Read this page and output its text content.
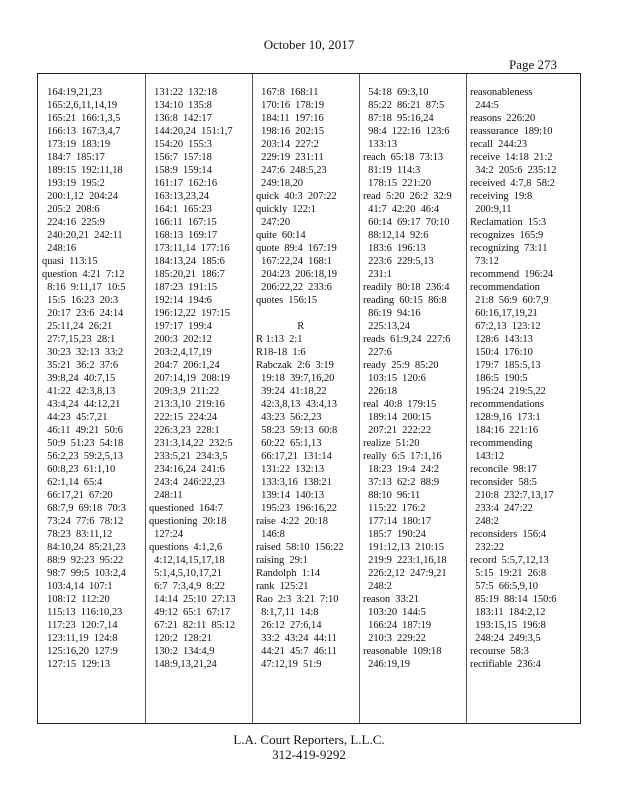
October 10, 2017
Page 273
164:19,21,23
165:2,6,11,14,19
165:21  166:1,3,5
166:13  167:3,4,7
173:19  183:19
184:7  185:17
189:15  192:11,18
193:19  195:2
200:1,12  204:24
205:2  208:6
224:16  225:9
240:20,21  242:11
248:16
quasi  113:15
question  4:21  7:12
8:16  9:11,17  10:5
15:5  16:23  20:3
20:17  23:6  24:14
25:11,24  26:21
27:7,15,23  28:1
30:23  32:13  33:2
35:21  36:2  37:6
39:8,24  40:7,15
41:22  42:3,8,13
43:4,24  44:12,21
44:23  45:7,21
46:11  49:21  50:6
50:9  51:23  54:18
56:2,23  59:2,5,13
60:8,23  61:1,10
62:1,14  65:4
66:17,21  67:20
68:7,9  69:18  70:3
73:24  77:6  78:12
78:23  83:11,12
84:10,24  85:21,23
88:9  92:23  95:22
98:7  99:5  103:2,4
103:4,14  107:1
108:12  112:20
115:13  116:10,23
117:23  120:7,14
123:11,19  124:8
125:16,20  127:9
127:15  129:13
131:22  132:18
134:10  135:8
136:8  142:17
144:20,24  151:1,7
154:20  155:3
156:7  157:18
158:9  159:14
161:17  162:16
163:13,23,24
164:1  165:23
166:11  167:15
168:13  169:17
173:11,14  177:16
184:13,24  185:6
185:20,21  186:7
187:23  191:15
192:14  194:6
196:12,22  197:15
197:17  199:4
200:3  202:12
203:2,4,17,19
204:7  206:1,24
207:14,19  208:19
209:3,9  211:22
213:3,10  219:16
222:15  224:24
226:3,23  228:1
231:3,14,22  232:5
233:5,21  234:3,5
234:16,24  241:6
243:4  246:22,23
248:11
questioned  164:7
questioning  20:18
127:24
questions  4:1,2,6
4:12,14,15,17,18
5:1,4,5,10,17,21
6:7  7:3,4,9  8:22
14:14  25:10  27:13
49:12  65:1  67:17
67:21  82:11  85:12
120:2  128:21
130:2  134:4,9
148:9,13,21,24
167:8  168:11
170:16  178:19
184:11  197:16
198:16  202:15
203:14  227:2
229:19  231:11
247:6  248:5,23
249:18,20
quick  40:3  207:22
quickly  122:1
247:20
quite  60:14
quote  89:4  167:19
167:22,24  168:1
204:23  206:18,19
206:22,22  233:6
quotes  156:15
R
R 1:13  2:1
R18-18  1:6
Rabczak  2:6  3:19
19:18  39:7,16,20
39:24  41:18,22
42:3,8,13  43:4,13
43:23  56:2,23
58:23  59:13  60:8
60:22  65:1,13
66:17,21  131:14
131:22  132:13
133:3,16  138:21
139:14  140:13
195:23  196:16,22
raise  4:22  20:18
146:8
raised  58:10  156:22
raising  29:1
Randolph  1:14
rank  125:21
Rao  2:3  3:21  7:10
8:1,7,11  14:8
26:12  27:6,14
33:2  43:24  44:11
44:21  45:7  46:11
47:12,19  51:9
54:18  69:3,10
85:22  86:21  87:5
87:18  95:16,24
98:4  122:16  123:6
133:13
reach  65:18  73:13
81:19  114:3
178:15  221:20
read  5:20  26:2  32:9
41:7  42:20  46:4
60:14  69:17  70:10
88:12,14  92:6
183:6  196:13
223:6  229:5,13
231:1
readily  80:18  236:4
reading  60:15  86:8
86:19  94:16
225:13,24
reads  61:9,24  227:6
227:6
ready  25:9  85:20
103:15  120:6
226:18
real  40:8  179:15
189:14  200:15
207:21  222:22
realize  51:20
really  6:5  17:1,16
18:23  19:4  24:2
37:13  62:2  88:9
88:10  96:11
115:22  176:2
177:14  180:17
185:7  190:24
191:12,13  210:15
219:9  223:1,16,18
226:2,12  247:9,21
248:2
reason  33:21
103:20  144:5
166:24  187:19
210:3  229:22
reasonable  109:18
246:19,19
reasonableness
244:5
reasons  226:20
reassurance  189:10
recall  244:23
receive  14:18  21:2
34:2  205:6  235:12
received  4:7,8  58:2
receiving  19:8
200:9,11
Reclamation  15:3
recognizes  165:9
recognizing  73:11
73:12
recommend  196:24
recommendation
21:8  56:9  60:7,9
60:16,17,19,21
67:2,13  123:12
128:6  143:13
150:4  176:10
179:7  185:5,13
186:5  190:5
195:24  219:5,22
recommendations
128:9,16  173:1
184:16  221:16
recommending
143:12
reconcile  98:17
reconsider  58:5
210:8  232:7,13,17
233:4  247:22
248:2
reconsiders  156:4
232:22
record  5:5,7,12,13
5:15  19:21  26:8
57:5  66:5,9,10
85:19  88:14  150:6
183:11  184:2,12
193:15,15  196:8
248:24  249:3,5
recourse  58:3
rectifiable  236:4
L.A. Court Reporters, L.L.C.
312-419-9292
